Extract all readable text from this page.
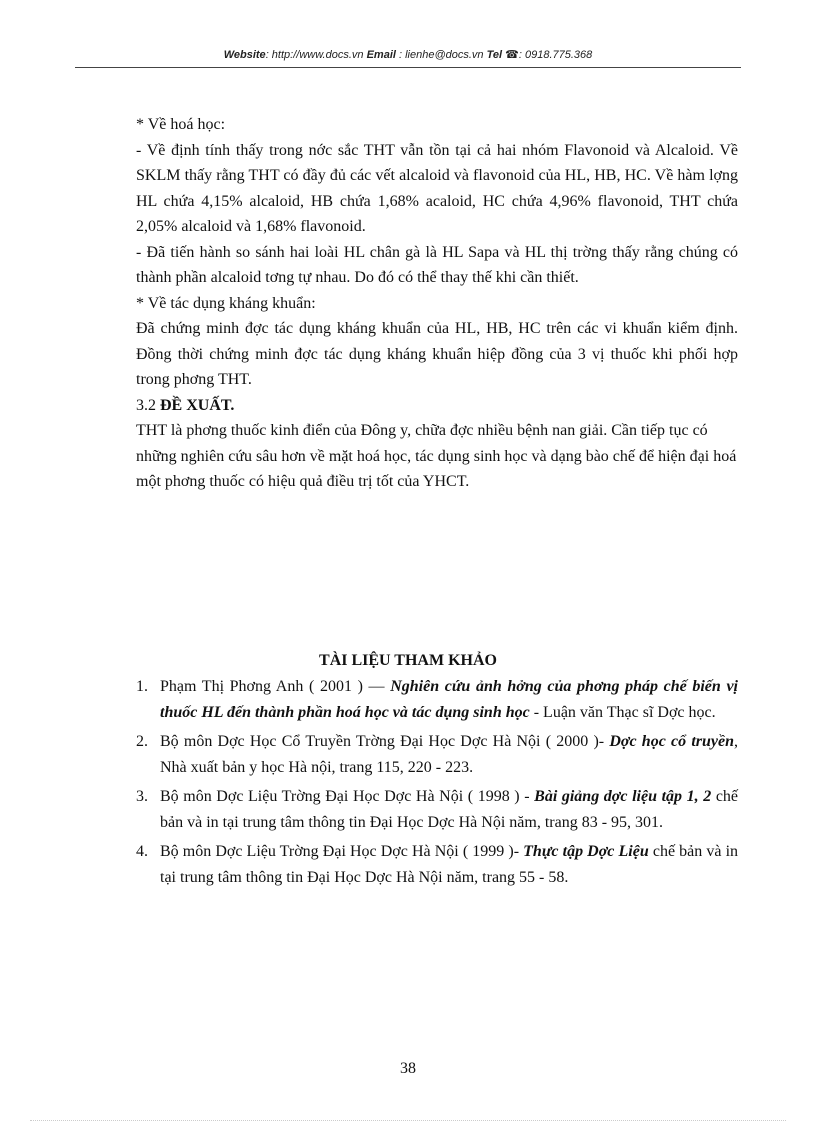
Website: http://www.docs.vn Email : lienhe@docs.vn Tel ☎: 0918.775.368

* Về hoá học:

- Về định tính thấy trong nớc sắc THT vẫn tồn tại cả hai nhóm Flavonoid và Alcaloid. Về SKLM thấy rằng THT có đầy đủ các vết alcaloid và flavonoid của HL, HB, HC. Về hàm lợng HL chứa 4,15% alcaloid, HB chứa 1,68% acaloid, HC chứa 4,96% flavonoid, THT chứa 2,05% alcaloid và 1,68% flavonoid.

- Đã tiến hành so sánh hai loài HL chân gà là HL Sapa và HL thị trờng thấy rằng chúng có thành phần alcaloid tơng tự nhau. Do đó có thể thay thế khi cần thiết.

* Về tác dụng kháng khuẩn:

Đã chứng minh đợc tác dụng kháng khuẩn của HL, HB, HC trên các vi khuẩn kiểm định. Đồng thời chứng minh đợc tác dụng kháng khuẩn hiệp đồng của 3 vị thuốc khi phối hợp trong phơng THT.

3.2 ĐỀ XUẤT.

THT là phơng thuốc kinh điển của Đông y, chữa đợc nhiều bệnh nan giải. Cần tiếp tục có những nghiên cứu sâu hơn về mặt hoá học, tác dụng sinh học và dạng bào chế để hiện đại hoá một phơng thuốc có hiệu quả điều trị tốt của YHCT.

TÀI LIỆU THAM KHẢO
1. Phạm Thị Phơng Anh ( 2001 ) — Nghiên cứu ảnh hởng của phơng pháp chế biến vị thuốc HL đến thành phần hoá học và tác dụng sinh học - Luận văn Thạc sĩ Dợc học.
2. Bộ môn Dợc Học Cổ Truyền Trờng Đại Học Dợc Hà Nội ( 2000 )- Dợc học cổ truyền, Nhà xuất bản y học Hà nội, trang 115, 220 - 223.
3. Bộ môn Dợc Liệu Trờng Đại Học Dợc Hà Nội ( 1998 ) - Bài giảng dợc liệu tập 1, 2 chế bản và in tại trung tâm thông tin Đại Học Dợc Hà Nội năm, trang 83 - 95, 301.
4. Bộ môn Dợc Liệu Trờng Đại Học Dợc Hà Nội ( 1999 )- Thực tập Dợc Liệu chế bản và in tại trung tâm thông tin Đại Học Dợc Hà Nội năm, trang 55 - 58.
38
